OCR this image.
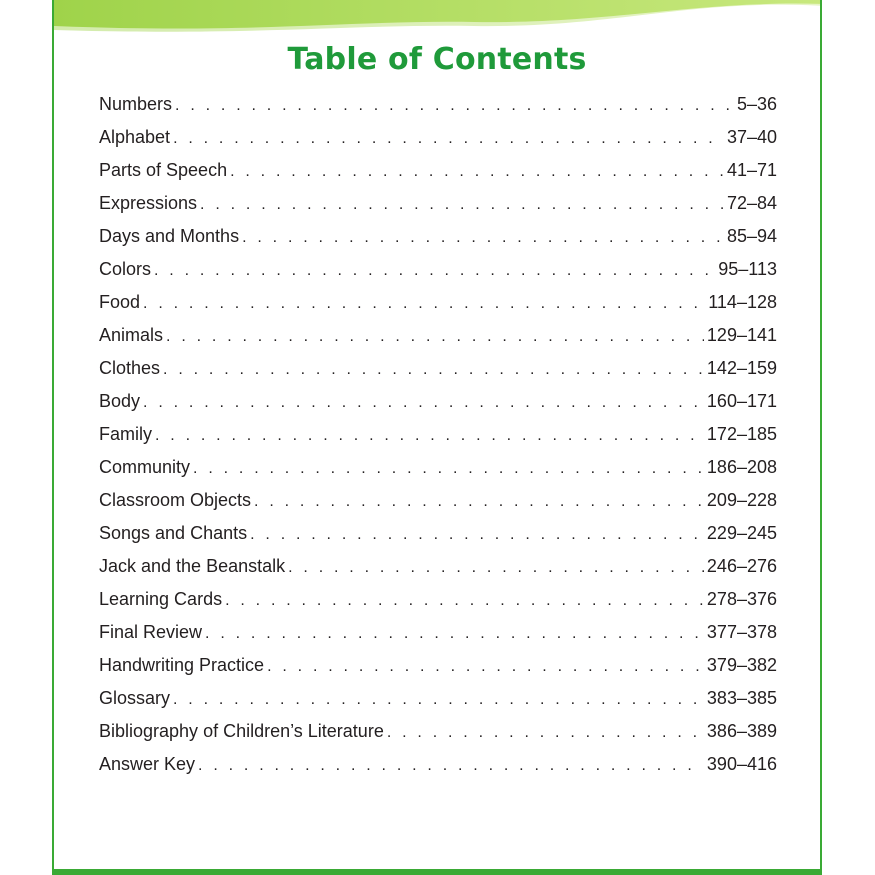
Table of Contents
Numbers . . .	5–36
Alphabet . . .	37–40
Parts of Speech . . .	41–71
Expressions . . .	72–84
Days and Months . . .	85–94
Colors . . .	95–113
Food . . .	114–128
Animals . . .	129–141
Clothes . . .	142–159
Body . . .	160–171
Family . . .	172–185
Community . . .	186–208
Classroom Objects . . .	209–228
Songs and Chants . . .	229–245
Jack and the Beanstalk . . .	246–276
Learning Cards . . .	278–376
Final Review . . .	377–378
Handwriting Practice . . .	379–382
Glossary . . .	383–385
Bibliography of Children’s Literature . . .	386–389
Answer Key . . .	390–416
